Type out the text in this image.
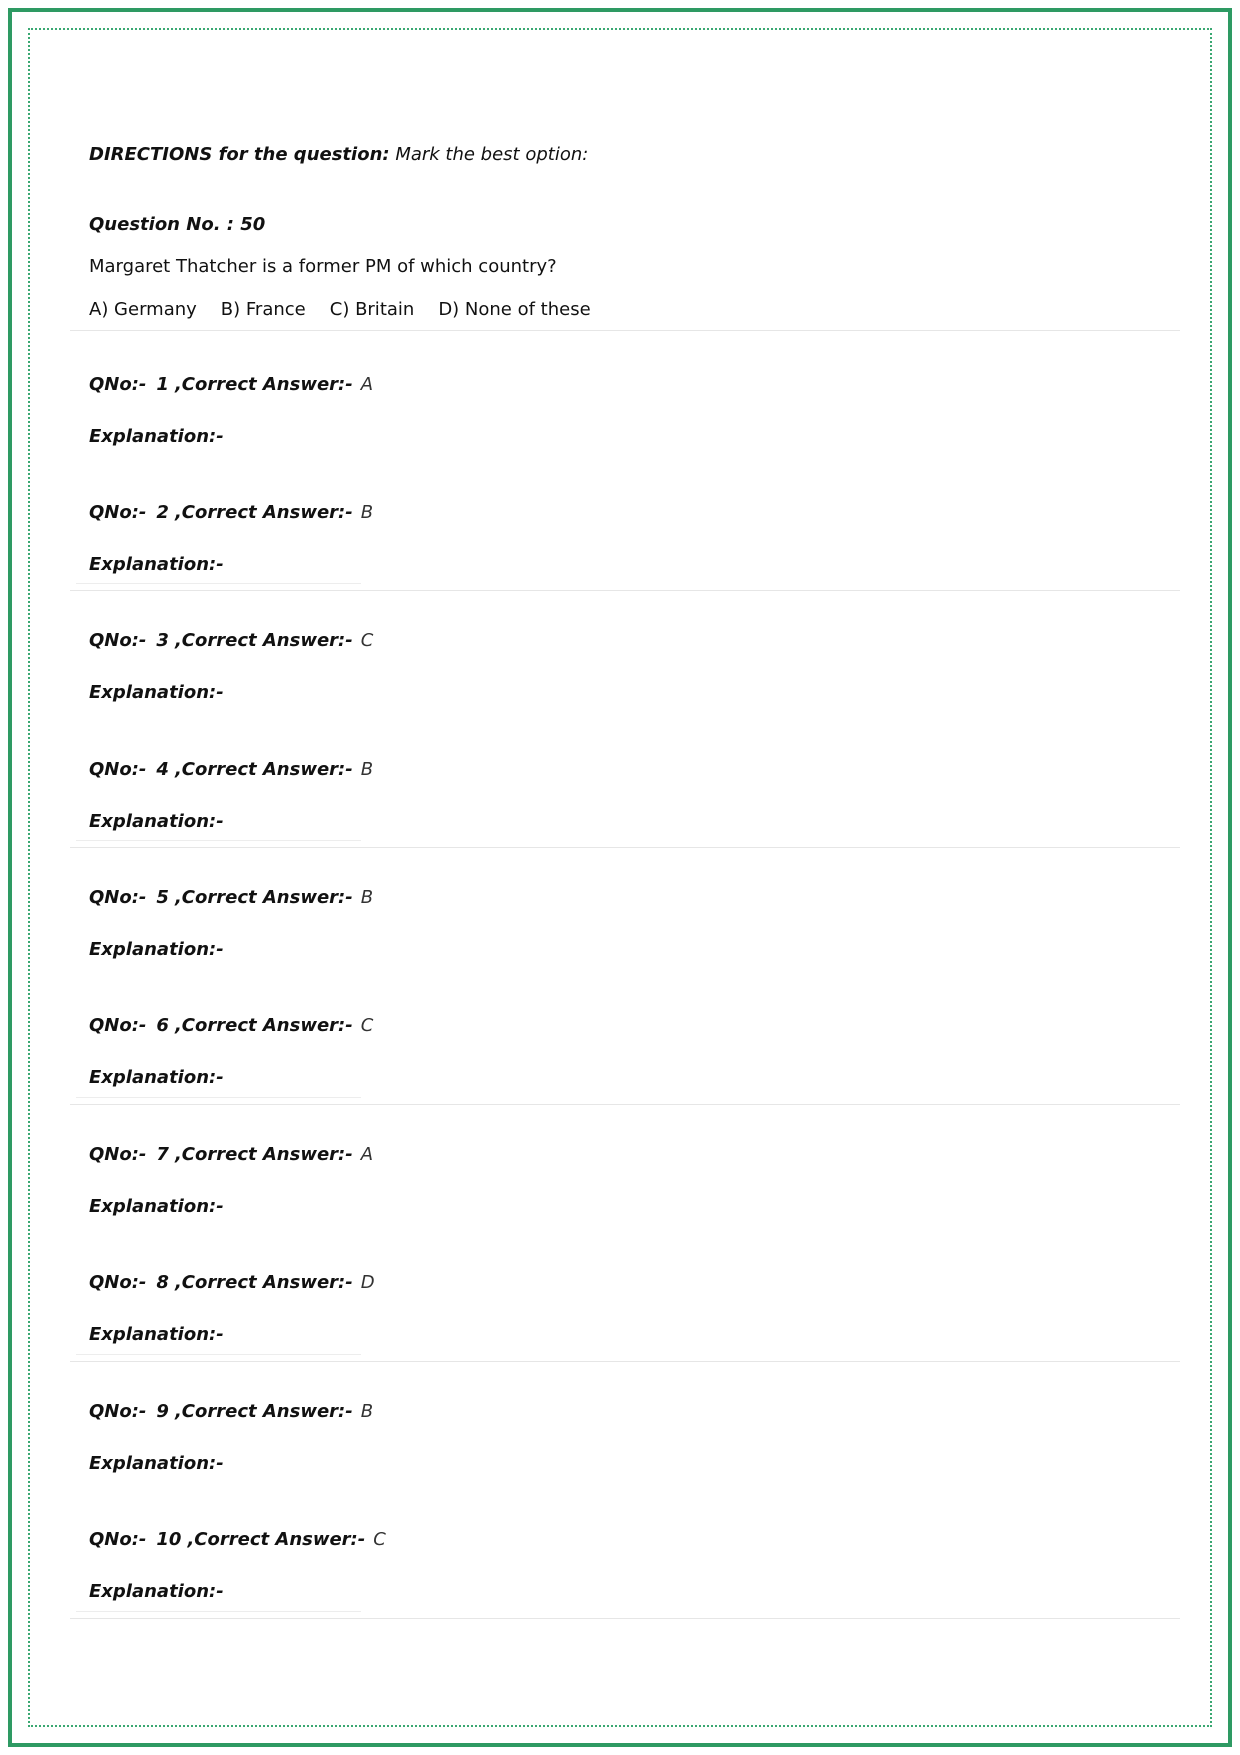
DIRECTIONS for the question: Mark the best option:
Question No. : 50
Margaret Thatcher is a former PM of which country?
A) Germany B) France C) Britain D) None of these
QNo:- 1 ,Correct Answer:- A
Explanation:-
QNo:- 2 ,Correct Answer:- B
Explanation:-
QNo:- 3 ,Correct Answer:- C
Explanation:-
QNo:- 4 ,Correct Answer:- B
Explanation:-
QNo:- 5 ,Correct Answer:- B
Explanation:-
QNo:- 6 ,Correct Answer:- C
Explanation:-
QNo:- 7 ,Correct Answer:- A
Explanation:-
QNo:- 8 ,Correct Answer:- D
Explanation:-
QNo:- 9 ,Correct Answer:- B
Explanation:-
QNo:- 10 ,Correct Answer:- C
Explanation:-
